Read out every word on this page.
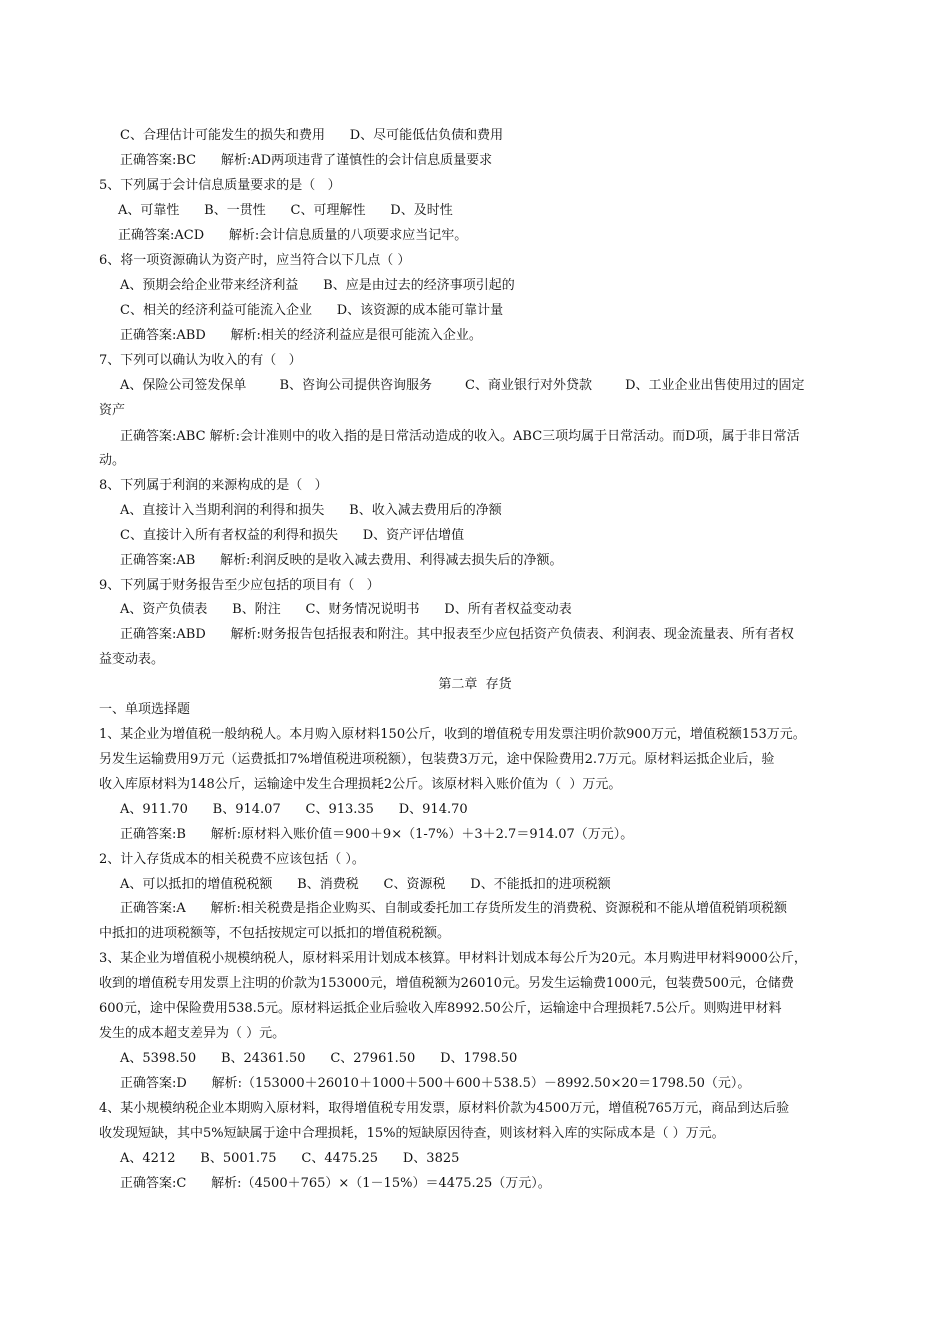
C、合理估计可能发生的损失和费用      D、尽可能低估负债和费用
正确答案:BC      解析:AD两项违背了谨慎性的会计信息质量要求
5、下列属于会计信息质量要求的是（   ）
A、可靠性      B、一贯性      C、可理解性      D、及时性
正确答案:ACD      解析:会计信息质量的八项要求应当记牢。
6、将一项资源确认为资产时，应当符合以下几点（ ）
A、预期会给企业带来经济利益      B、应是由过去的经济事项引起的
C、相关的经济利益可能流入企业      D、该资源的成本能可靠计量
正确答案:ABD      解析:相关的经济利益应是很可能流入企业。
7、下列可以确认为收入的有（   ）
A、保险公司签发保单        B、咨询公司提供咨询服务        C、商业银行对外贷款        D、工业企业出售使用过的固定
资产
正确答案:ABC 解析:会计准则中的收入指的是日常活动造成的收入。ABC三项均属于日常活动。而D项，属于非日常活
动。
8、下列属于利润的来源构成的是（   ）
A、直接计入当期利润的利得和损失      B、收入减去费用后的净额
C、直接计入所有者权益的利得和损失      D、资产评估增值
正确答案:AB      解析:利润反映的是收入减去费用、利得减去损失后的净额。
9、下列属于财务报告至少应包括的项目有（   ）
A、资产负债表      B、附注      C、财务情况说明书      D、所有者权益变动表
正确答案:ABD      解析:财务报告包括报表和附注。其中报表至少应包括资产负债表、利润表、现金流量表、所有者权
益变动表。
第二章  存货
一、单项选择题
1、某企业为增值税一般纳税人。本月购入原材料150公斤，收到的增值税专用发票注明价款900万元，增值税额153万元。
另发生运输费用9万元（运费抵扣7%增值税进项税额），包装费3万元，途中保险费用2.7万元。原材料运抵企业后，验
收入库原材料为148公斤，运输途中发生合理损耗2公斤。该原材料入账价值为（  ）万元。
A、911.70      B、914.07      C、913.35      D、914.70
正确答案:B      解析:原材料入账价值＝900＋9×（1-7%）＋3＋2.7＝914.07（万元）。
2、计入存货成本的相关税费不应该包括（ ）。
A、可以抵扣的增值税税额      B、消费税      C、资源税      D、不能抵扣的进项税额
正确答案:A      解析:相关税费是指企业购买、自制或委托加工存货所发生的消费税、资源税和不能从增值税销项税额
中抵扣的进项税额等，不包括按规定可以抵扣的增值税税额。
3、某企业为增值税小规模纳税人，原材料采用计划成本核算。甲材料计划成本每公斤为20元。本月购进甲材料9000公斤，
收到的增值税专用发票上注明的价款为153000元，增值税额为26010元。另发生运输费1000元，包装费500元，仓储费
600元，途中保险费用538.5元。原材料运抵企业后验收入库8992.50公斤，运输途中合理损耗7.5公斤。则购进甲材料
发生的成本超支差异为（ ）元。
A、5398.50      B、24361.50      C、27961.50      D、1798.50
正确答案:D      解析:（153000＋26010＋1000＋500＋600＋538.5）－8992.50×20＝1798.50（元）。
4、某小规模纳税企业本期购入原材料，取得增值税专用发票，原材料价款为4500万元，增值税765万元，商品到达后验
收发现短缺，其中5%短缺属于途中合理损耗，15%的短缺原因待查，则该材料入库的实际成本是（ ）万元。
A、4212      B、5001.75      C、4475.25      D、3825
正确答案:C      解析:（4500＋765）×（1－15%）＝4475.25（万元）。
